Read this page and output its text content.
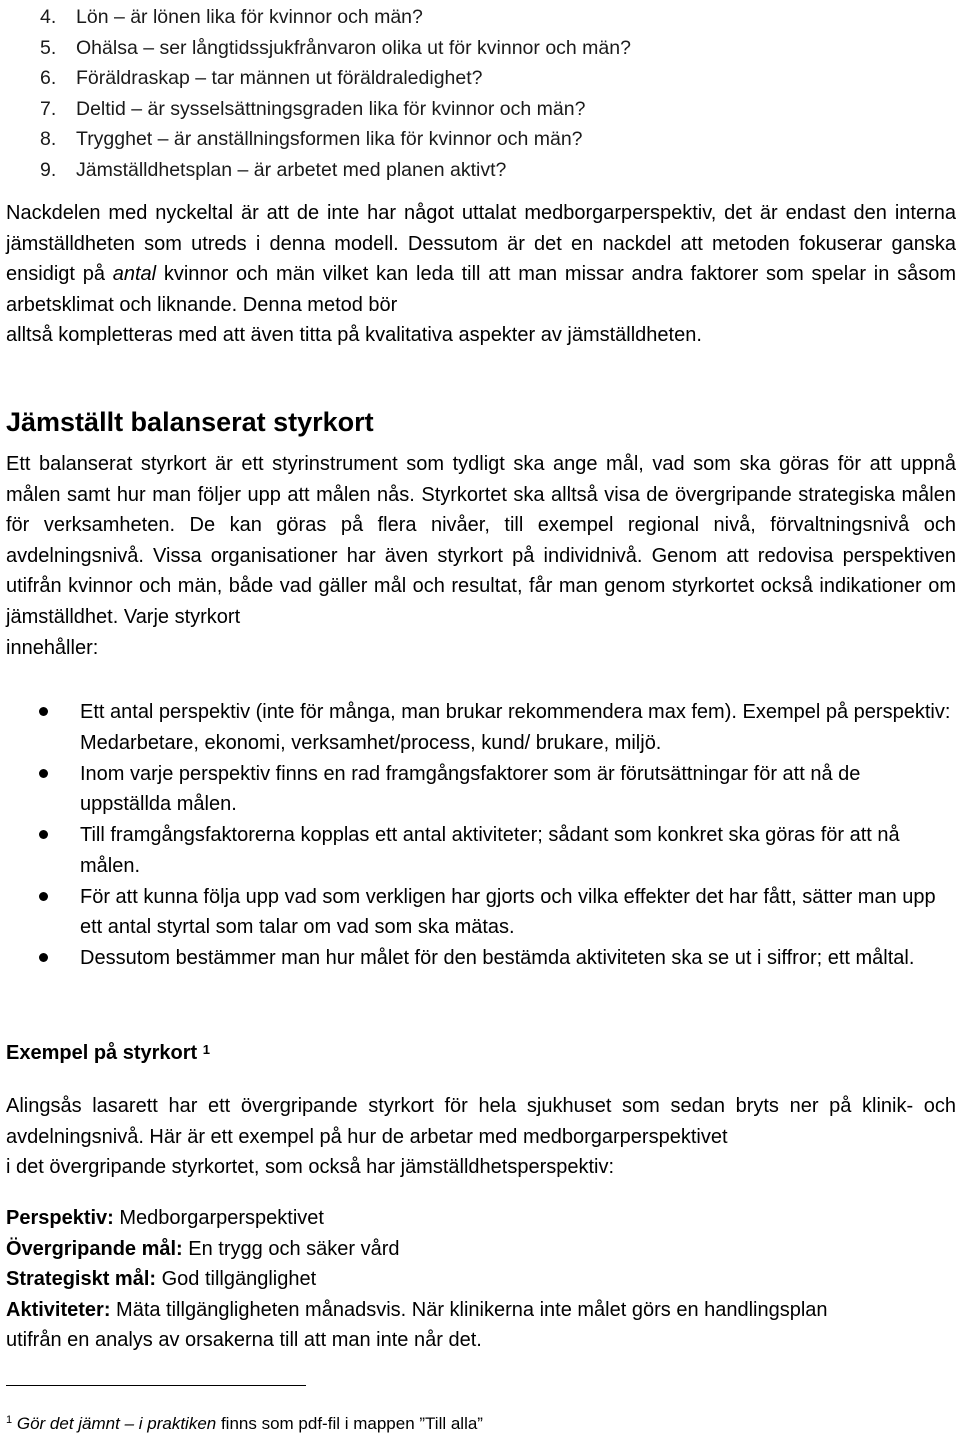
4. Lön – är lönen lika för kvinnor och män?
5. Ohälsa – ser långtidssjukfrånvaron olika ut för kvinnor och män?
6. Föräldraskap – tar männen ut föräldraledighet?
7. Deltid – är sysselsättningsgraden lika för kvinnor och män?
8. Trygghet – är anställningsformen lika för kvinnor och män?
9. Jämställdhetsplan – är arbetet med planen aktivt?
Nackdelen med nyckeltal är att de inte har något uttalat medborgarperspektiv, det är endast den interna jämställdheten som utreds i denna modell. Dessutom är det en nackdel att metoden fokuserar ganska ensidigt på antal kvinnor och män vilket kan leda till att man missar andra faktorer som spelar in såsom arbetsklimat och liknande. Denna metod bör
alltså kompletteras med att även titta på kvalitativa aspekter av jämställdheten.
Jämställt balanserat styrkort
Ett balanserat styrkort är ett styrinstrument som tydligt ska ange mål, vad som ska göras för att uppnå målen samt hur man följer upp att målen nås. Styrkortet ska alltså visa de övergripande strategiska målen för verksamheten. De kan göras på flera nivåer, till exempel regional nivå, förvaltningsnivå och avdelningsnivå. Vissa organisationer har även styrkort på individnivå. Genom att redovisa perspektiven utifrån kvinnor och män, både vad gäller mål och resultat, får man genom styrkortet också indikationer om jämställdhet. Varje styrkort
innehåller:
Ett antal perspektiv (inte för många, man brukar rekommendera max fem). Exempel på perspektiv: Medarbetare, ekonomi, verksamhet/process, kund/ brukare, miljö.
Inom varje perspektiv finns en rad framgångsfaktorer som är förutsättningar för att nå de uppställda målen.
Till framgångsfaktorerna kopplas ett antal aktiviteter; sådant som konkret ska göras för att nå målen.
För att kunna följa upp vad som verkligen har gjorts och vilka effekter det har fått, sätter man upp ett antal styrtal som talar om vad som ska mätas.
Dessutom bestämmer man hur målet för den bestämda aktiviteten ska se ut i siffror; ett måltal.
Exempel på styrkort $^1$
Alingsås lasarett har ett övergripande styrkort för hela sjukhuset som sedan bryts ner på klinik- och avdelningsnivå. Här är ett exempel på hur de arbetar med medborgarperspektivet
i det övergripande styrkortet, som också har jämställdhetsperspektiv:
Perspektiv: Medborgarperspektivet
Övergripande mål: En trygg och säker vård
Strategiskt mål: God tillgänglighet
Aktiviteter: Mäta tillgängligheten månadsvis. När klinikerna inte målet görs en handlingsplan
utifrån en analys av orsakerna till att man inte når det.
$^1$ Gör det jämnt – i praktiken finns som pdf-fil i mappen ”Till alla”
